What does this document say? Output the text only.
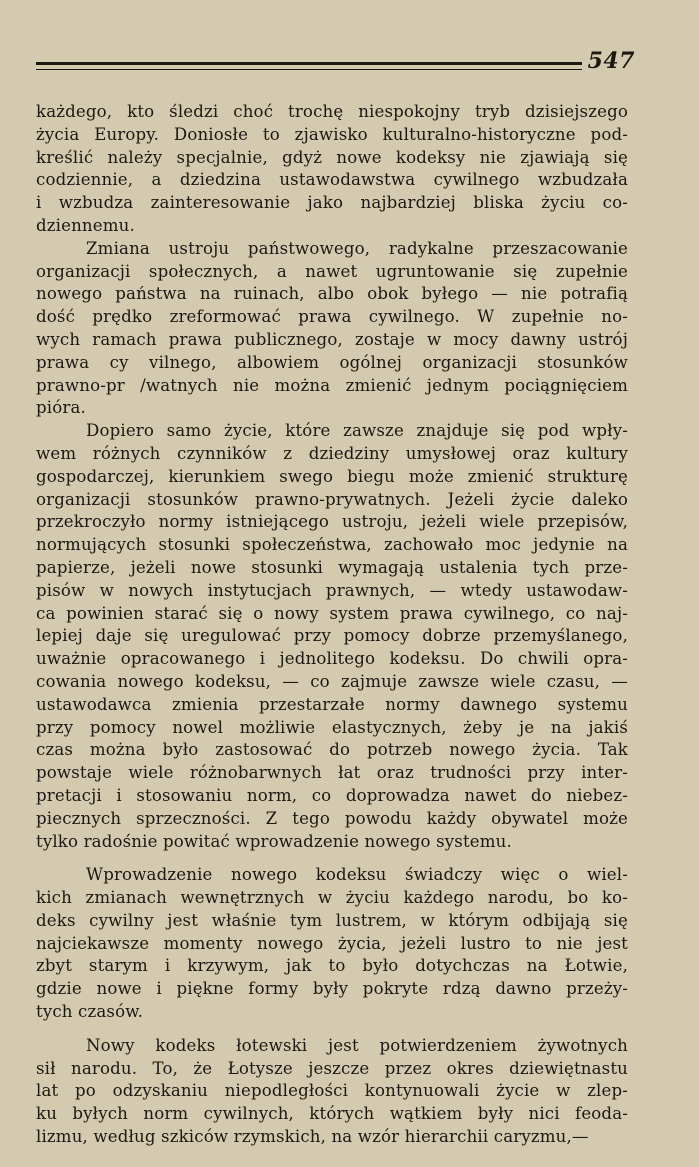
547
każdego, kto śledzi choć trochę niespokojny tryb dzisiejszego
życia Europy. Doniosłe to zjawisko kulturalno-historyczne pod-
kreślić należy specjalnie, gdyż nowe kodeksy nie zjawiają się
codziennie, a dziedzina ustawodawstwa cywilnego wzbudzała
i wzbudza zainteresowanie jako najbardziej bliska życiu co-
dziennemu.
Zmiana ustroju państwowego, radykalne przeszacowanie
organizacji społecznych, a nawet ugruntowanie się zupełnie
nowego państwa na ruinach, albo obok byłego — nie potrafią
dość prędko zreformować prawa cywilnego. W zupełnie no-
wych ramach prawa publicznego, zostaje w mocy dawny ustrój
prawa cy vilnego, albowiem ogólnej organizacji stosunków
prawno-pr /watnych nie można zmienić jednym pociągnięciem
pióra.
Dopiero samo życie, które zawsze znajduje się pod wpły-
wem różnych czynników z dziedziny umysłowej oraz kultury
gospodarczej, kierunkiem swego biegu może zmienić strukturę
organizacji stosunków prawno-prywatnych. Jeżeli życie daleko
przekroczyło normy istniejącego ustroju, jeżeli wiele przepisów,
normujących stosunki społeczeństwa, zachowało moc jedynie na
papierze, jeżeli nowe stosunki wymagają ustalenia tych prze-
pisów w nowych instytucjach prawnych, — wtedy ustawodaw-
ca powinien starać się o nowy system prawa cywilnego, co naj-
lepiej daje się uregulować przy pomocy dobrze przemyślanego,
uważnie opracowanego i jednolitego kodeksu. Do chwili opra-
cowania nowego kodeksu, — co zajmuje zawsze wiele czasu, —
ustawodawca zmienia przestarzałe normy dawnego systemu
przy pomocy nowel możliwie elastycznych, żeby je na jakiś
czas można było zastosować do potrzeb nowego życia. Tak
powstaje wiele różnobarwnych łat oraz trudności przy inter-
pretacji i stosowaniu norm, co doprowadza nawet do niebez-
piecznych sprzeczności. Z tego powodu każdy obywatel może
tylko radośnie powitać wprowadzenie nowego systemu.
Wprowadzenie nowego kodeksu świadczy więc o wiel-
kich zmianach wewnętrznych w życiu każdego narodu, bo ko-
deks cywilny jest właśnie tym lustrem, w którym odbijają się
najciekawsze momenty nowego życia, jeżeli lustro to nie jest
zbyt starym i krzywym, jak to było dotychczas na Łotwie,
gdzie nowe i piękne formy były pokryte rdzą dawno przeży-
tych czasów.
Nowy kodeks łotewski jest potwierdzeniem żywotnych
sił narodu. To, że Łotysze jeszcze przez okres dziewiętnastu
lat po odzyskaniu niepodległości kontynuowali życie w zlep-
ku byłych norm cywilnych, których wątkiem były nici feoda-
lizmu, według szkiców rzymskich, na wzór hierarchii caryzmu,—
